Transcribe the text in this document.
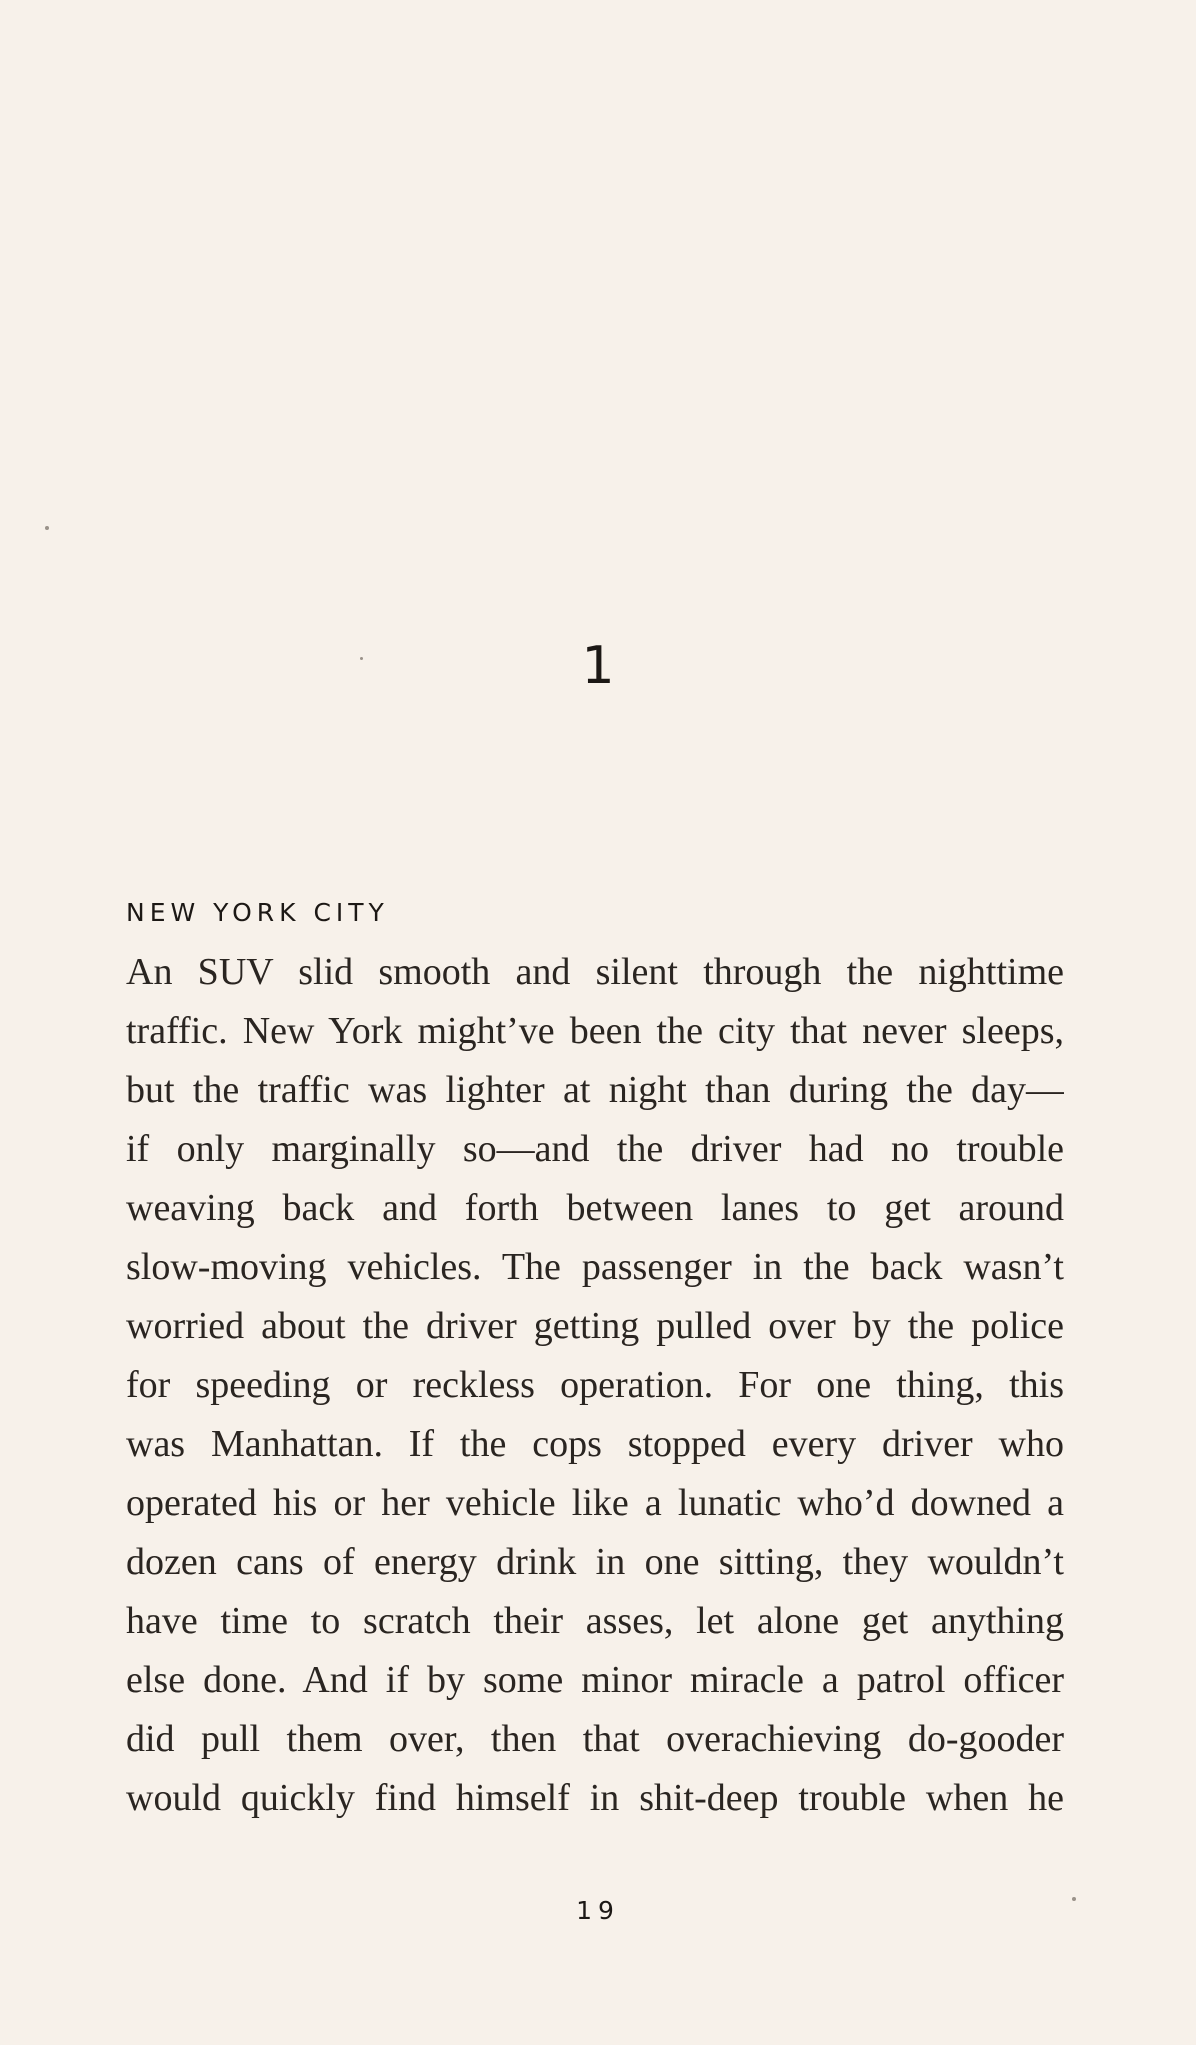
1
NEW YORK CITY
An SUV slid smooth and silent through the nighttime
traffic. New York might’ve been the city that never sleeps,
but the traffic was lighter at night than during the day—
if only marginally so—and the driver had no trouble
weaving back and forth between lanes to get around
slow-moving vehicles. The passenger in the back wasn’t
worried about the driver getting pulled over by the police
for speeding or reckless operation. For one thing, this
was Manhattan. If the cops stopped every driver who
operated his or her vehicle like a lunatic who’d downed a
dozen cans of energy drink in one sitting, they wouldn’t
have time to scratch their asses, let alone get anything
else done. And if by some minor miracle a patrol officer
did pull them over, then that overachieving do-gooder
would quickly find himself in shit-deep trouble when he
19
